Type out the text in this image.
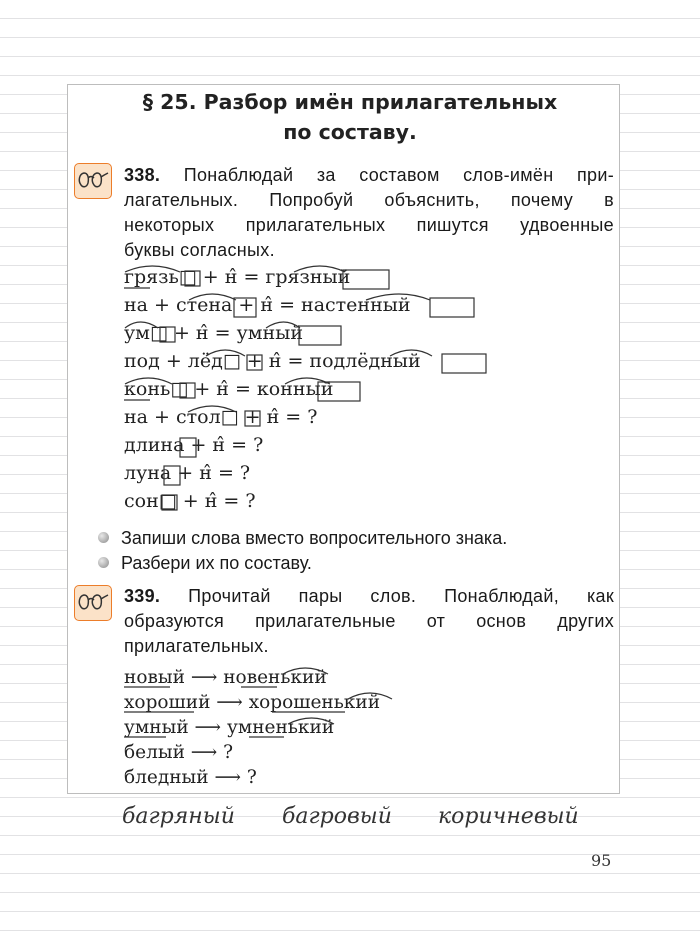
§ 25. Разбор имён прилагательных
по составу.
338. Понаблюдай за составом слов-имён при-
лагательных. Попробуй объяснить, почему в
некоторых прилагательных пишутся удвоенные
буквы согласных.
грязь□ + н̂ = грязный
на + стена + н̂ = настенный
ум□ + н̂ = умный
под + лёд□ + н̂ = подлёдный
конь□ + н̂ = конный
на + стол□ + н̂ = ?
длина + н̂ = ?
луна + н̂ = ?
сон□ + н̂ = ?
Запиши слова вместо вопросительного знака.
Разбери их по составу.
339. Прочитай пары слов. Понаблюдай, как
образуются прилагательные от основ других
прилагательных.
новый ⟶ новенький
хороший ⟶ хорошенький
умный ⟶ умненький
белый ⟶ ?
бледный ⟶ ?
багряный багровый коричневый
95
